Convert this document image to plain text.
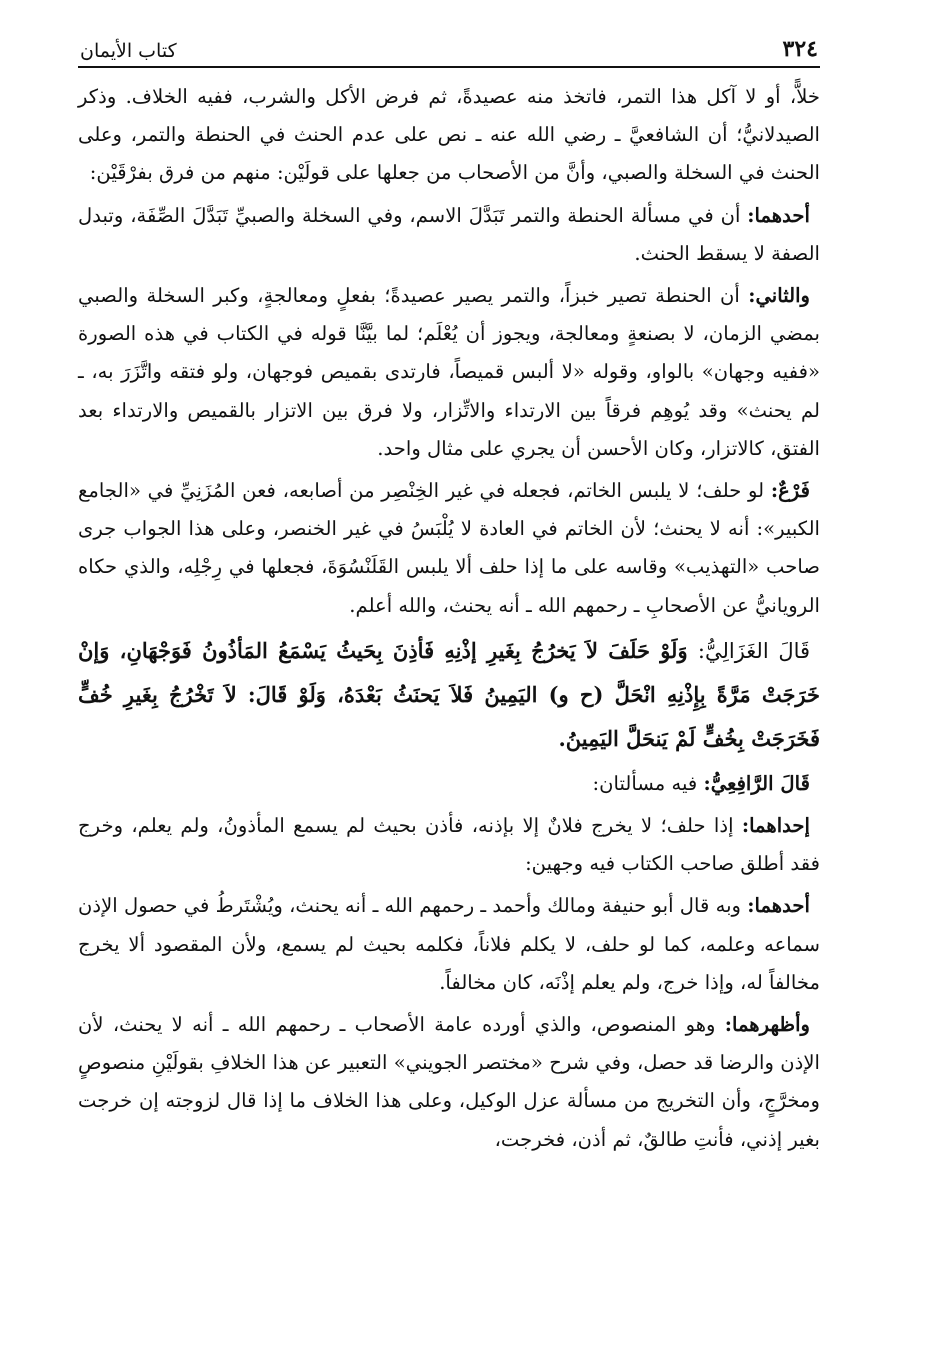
٣٢٤
كتاب الأيمان

خلاًّ، أو لا آكل هذا التمر، فاتخذ منه عصيدةً، ثم فرض الأكل والشرب، ففيه الخلاف. وذكر الصيدلانيُّ؛ أن الشافعيَّ ـ رضي الله عنه ـ نص على عدم الحنث في الحنطة والتمر، وعلى الحنث في السخلة والصبي، وأنَّ من الأصحاب من جعلها على قولَيْن: منهم من فرق بفرْقَيْن:

أحدهما: أن في مسألة الحنطة والتمر تَبَدَّلَ الاسم، وفي السخلة والصبيِّ تَبَدَّلَ الصِّفَة، وتبدل الصفة لا يسقط الحنث.

والثاني: أن الحنطة تصير خبزاً، والتمر يصير عصيدةً؛ بفعلٍ ومعالجةٍ، وكبر السخلة والصبي بمضي الزمان، لا بصنعةٍ ومعالجة، ويجوز أن يُعْلَم؛ لما بيَّنَّا قوله في الكتاب في هذه الصورة «ففيه وجهان» بالواو، وقوله «لا ألبس قميصاً، فارتدى بقميص فوجهان، ولو فتقه واتَّزَرَ به، ـ لم يحنث» وقد يُوهِم فرقاً بين الارتداء والاتِّزار، ولا فرق بين الاتزار بالقميص والارتداء بعد الفتق، كالاتزار، وكان الأحسن أن يجري على مثال واحد.

فَرْعٌ: لو حلف؛ لا يلبس الخاتم، فجعله في غير الخِنْصِر من أصابعه، فعن المُزَنِيِّ في «الجامع الكبير»: أنه لا يحنث؛ لأن الخاتم في العادة لا يُلْبَسُ في غير الخنصر، وعلى هذا الجواب جرى صاحب «التهذيب» وقاسه على ما إذا حلف ألا يلبس القَلَنْسُوَةَ، فجعلها في رِجْلِه، والذي حكاه الرويانيُّ عن الأصحابِ ـ رحمهم الله ـ أنه يحنث، والله أعلم.

قَالَ الغَزَالِيُّ: وَلَوْ حَلَفَ لاَ يَخرُجُ بِغَيرِ إذْنِهِ فَأذِنَ بِحَيثُ يَسْمَعُ المَأذُونُ فَوَجْهَانِ، وَإنْ خَرَجَتْ مَرَّةً بِإِذْنِهِ انْحَلَّ (ح و) اليَمِينُ فَلاَ يَحنَثُ بَعْدَهُ، وَلَوْ قَالَ: لاَ تَخْرُجُ بِغَيرِ خُفٍّ فَخَرَجَتْ بِخُفٍّ لَمْ يَنحَلَّ اليَمِينُ.

قَالَ الرَّافِعِيُّ: فيه مسألتان:

إحداهما: إذا حلف؛ لا يخرج فلانٌ إلا بإذنه، فأذن بحيث لم يسمع المأذونُ، ولم يعلم، وخرج فقد أطلق صاحب الكتاب فيه وجهين:

أحدهما: وبه قال أبو حنيفة ومالك وأحمد ـ رحمهم الله ـ أنه يحنث، ويُشْتَرطُ في حصول الإذن سماعه وعلمه، كما لو حلف، لا يكلم فلاناً، فكلمه بحيث لم يسمع، ولأن المقصود ألا يخرج مخالفاً له، وإذا خرج، ولم يعلم إذْنَه، كان مخالفاً.

وأظهرهما: وهو المنصوص، والذي أورده عامة الأصحاب ـ رحمهم الله ـ أنه لا يحنث، لأن الإذن والرضا قد حصل، وفي شرح «مختصر الجويني» التعبير عن هذا الخلافِ بقولَيْنِ منصوصٍ ومخرَّجٍ، وأن التخريج من مسألة عزل الوكيل، وعلى هذا الخلاف ما إذا قال لزوجته إن خرجت بغير إذني، فأنتِ طالقٌ، ثم أذن، فخرجت،
